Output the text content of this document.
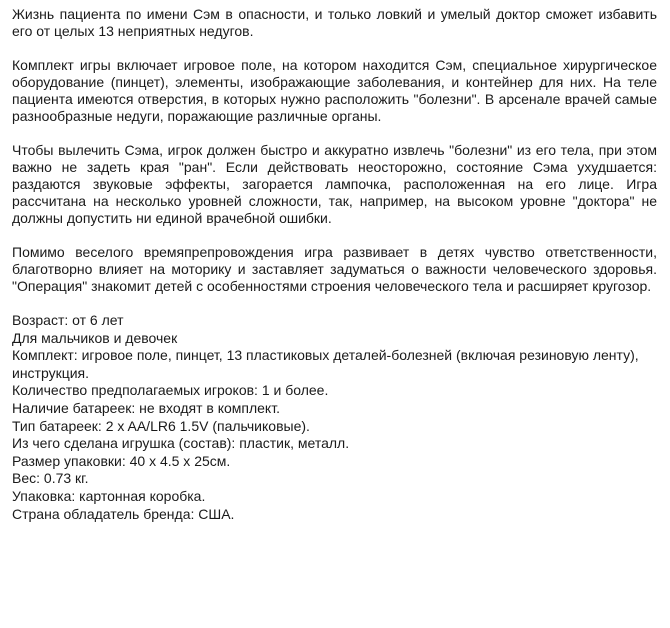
Жизнь пациента по имени Сэм в опасности, и только ловкий и умелый доктор сможет избавить его от целых 13 неприятных недугов.

Комплект игры включает игровое поле, на котором находится Сэм, специальное хирургическое оборудование (пинцет), элементы, изображающие заболевания, и контейнер для них. На теле пациента имеются отверстия, в которых нужно расположить "болезни". В арсенале врачей самые разнообразные недуги, поражающие различные органы.

Чтобы вылечить Сэма, игрок должен быстро и аккуратно извлечь "болезни" из его тела, при этом важно не задеть края "ран". Если действовать неосторожно, состояние Сэма ухудшается: раздаются звуковые эффекты, загорается лампочка, расположенная на его лице. Игра рассчитана на несколько уровней сложности, так, например, на высоком уровне "доктора" не должны допустить ни единой врачебной ошибки.

Помимо веселого времяпрепровождения игра развивает в детях чувство ответственности, благотворно влияет на моторику и заставляет задуматься о важности человеческого здоровья. "Операция" знакомит детей с особенностями строения человеческого тела и расширяет кругозор.

Возраст: от 6 лет
Для мальчиков и девочек
Комплект: игровое поле, пинцет, 13 пластиковых деталей-болезней (включая резиновую ленту), инструкция.
Количество предполагаемых игроков: 1 и более.
Наличие батареек: не входят в комплект.
Тип батареек: 2 x AA/LR6 1.5V (пальчиковые).
Из чего сделана игрушка (состав): пластик, металл.
Размер упаковки: 40 x 4.5 x 25см.
Вес: 0.73 кг.
Упаковка: картонная коробка.
Страна обладатель бренда: США.
